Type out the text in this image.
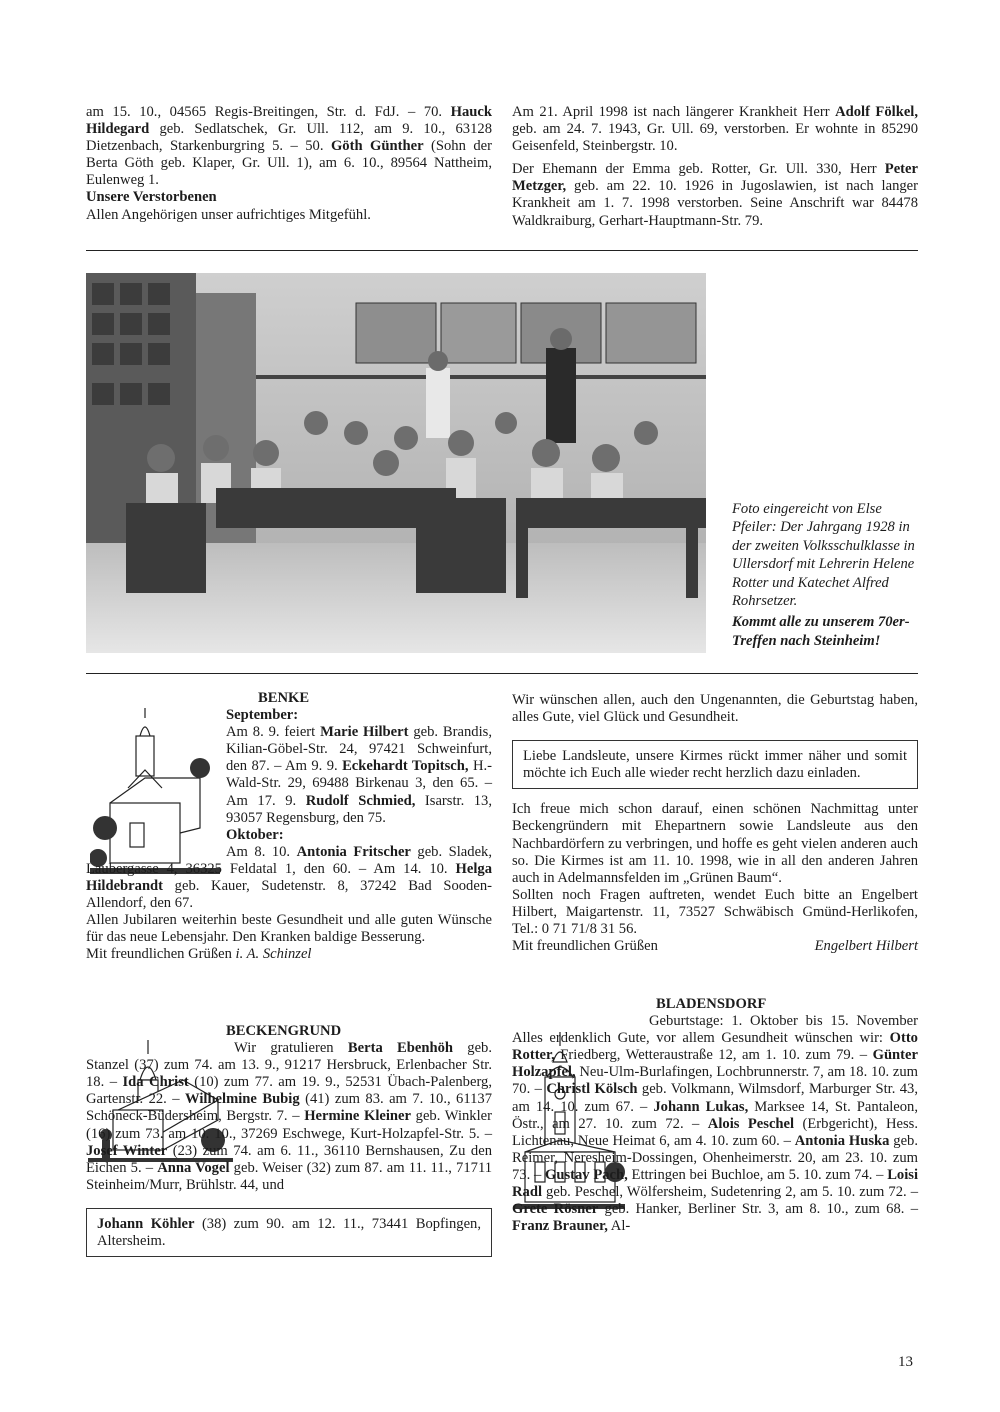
am 15. 10., 04565 Regis-Breitingen, Str. d. FdJ. – 70. Hauck Hildegard geb. Sedlatschek, Gr. Ull. 112, am 9. 10., 63128 Dietzenbach, Starkenburgring 5. – 50. Göth Günther (Sohn der Berta Göth geb. Klaper, Gr. Ull. 1), am 6. 10., 89564 Nattheim, Eulenweg 1.

Unsere Verstorbenen

Allen Angehörigen unser aufrichtiges Mitgefühl.

Am 21. April 1998 ist nach längerer Krankheit Herr Adolf Fölkel, geb. am 24. 7. 1943, Gr. Ull. 69, verstorben. Er wohnte in 85290 Geisenfeld, Steinbergstr. 10.

Der Ehemann der Emma geb. Rotter, Gr. Ull. 330, Herr Peter Metzger, geb. am 22. 10. 1926 in Jugoslawien, ist nach langer Krankheit am 1. 7. 1998 verstorben. Seine Anschrift war 84478 Waldkraiburg, Gerhart-Hauptmann-Str. 79.

Foto eingereicht von Else Pfeiler: Der Jahrgang 1928 in der zweiten Volksschulklasse in Ullersdorf mit Lehrerin Helene Rotter und Katechet Alfred Rohrsetzer.
Kommt alle zu unserem 70er-Treffen nach Steinheim!

BENKE

September:

Am 8. 9. feiert Marie Hilbert geb. Brandis, Kilian-Göbel-Str. 24, 97421 Schweinfurt, den 87. – Am 9. 9. Eckehardt Topitsch, H.-Wald-Str. 29, 69488 Birkenau 3, den 65. – Am 17. 9. Rudolf Schmied, Isarstr. 13, 93057 Regensburg, den 75.

Oktober:

Am 8. 10. Antonia Fritscher geb. Sladek, Laubergasse 4, 36325 Feldatal 1, den 60. – Am 14. 10. Helga Hildebrandt geb. Kauer, Sudetenstr. 8, 37242 Bad Sooden-Allendorf, den 67.

Allen Jubilaren weiterhin beste Gesundheit und alle guten Wünsche für das neue Lebensjahr. Den Kranken baldige Besserung.

Mit freundlichen Grüßen i. A. Schinzel

Wir wünschen allen, auch den Ungenannten, die Geburtstag haben, alles Gute, viel Glück und Gesundheit.

Liebe Landsleute, unsere Kirmes rückt immer näher und somit möchte ich Euch alle wieder recht herzlich dazu einladen.

Ich freue mich schon darauf, einen schönen Nachmittag unter Beckengründern mit Ehepartnern sowie Landsleute aus den Nachbardörfern zu verbringen, und hoffe es geht vielen anderen auch so. Die Kirmes ist am 11. 10. 1998, wie in all den anderen Jahren auch in Adelmannsfelden im „Grünen Baum“.

Sollten noch Fragen auftreten, wendet Euch bitte an Engelbert Hilbert, Maigartenstr. 11, 73527 Schwäbisch Gmünd-Herlikofen, Tel.: 0 71 71/8 31 56.

Mit freundlichen Grüßen	Engelbert Hilbert

BECKENGRUND

Wir gratulieren Berta Ebenhöh geb. Stanzel (37) zum 74. am 13. 9., 91217 Hersbruck, Erlenbacher Str. 18. – Ida Christ (10) zum 77. am 19. 9., 52531 Übach-Palenberg, Gartenstr. 22. – Wilhelmine Bubig (41) zum 83. am 7. 10., 61137 Schöneck-Büdersheim, Bergstr. 7. – Hermine Kleiner geb. Winkler (16) zum 73. am 10. 10., 37269 Eschwege, Kurt-Holzapfel-Str. 5. – Josef Winter (23) zum 74. am 6. 11., 36110 Bernshausen, Zu den Eichen 5. – Anna Vogel geb. Weiser (32) zum 87. am 11. 11., 71711 Steinheim/Murr, Brühlstr. 44, und

Johann Köhler (38) zum 90. am 12. 11., 73441 Bopfingen, Altersheim.

BLADENSDORF

Geburtstage: 1. Oktober bis 15. November Alles erdenklich Gute, vor allem Gesundheit wünschen wir: Otto Rotter, Friedberg, Wetteraustraße 12, am 1. 10. zum 79. – Günter Holzapfel, Neu-Ulm-Burlafingen, Lochbrunnerstr. 7, am 18. 10. zum 70. – Christl Kölsch geb. Volkmann, Wilmsdorf, Marburger Str. 43, am 14. 10. zum 67. – Johann Lukas, Marksee 14, St. Pantaleon, Östr., am 27. 10. zum 72. – Alois Peschel (Erbgericht), Hess. Lichtenau, Neue Heimat 6, am 4. 10. zum 60. – Antonia Huska geb. Reimer, Neresheim-Dossingen, Ohenheimerstr. 20, am 23. 10. zum 73. – Gustav Pach, Ettringen bei Buchloe, am 5. 10. zum 74. – Loisi Radl geb. Peschel, Wölfersheim, Sudetenring 2, am 5. 10. zum 72. – Grete Rösner geb. Hanker, Berliner Str. 3, am 8. 10., zum 68. – Franz Brauner, Al-

13
